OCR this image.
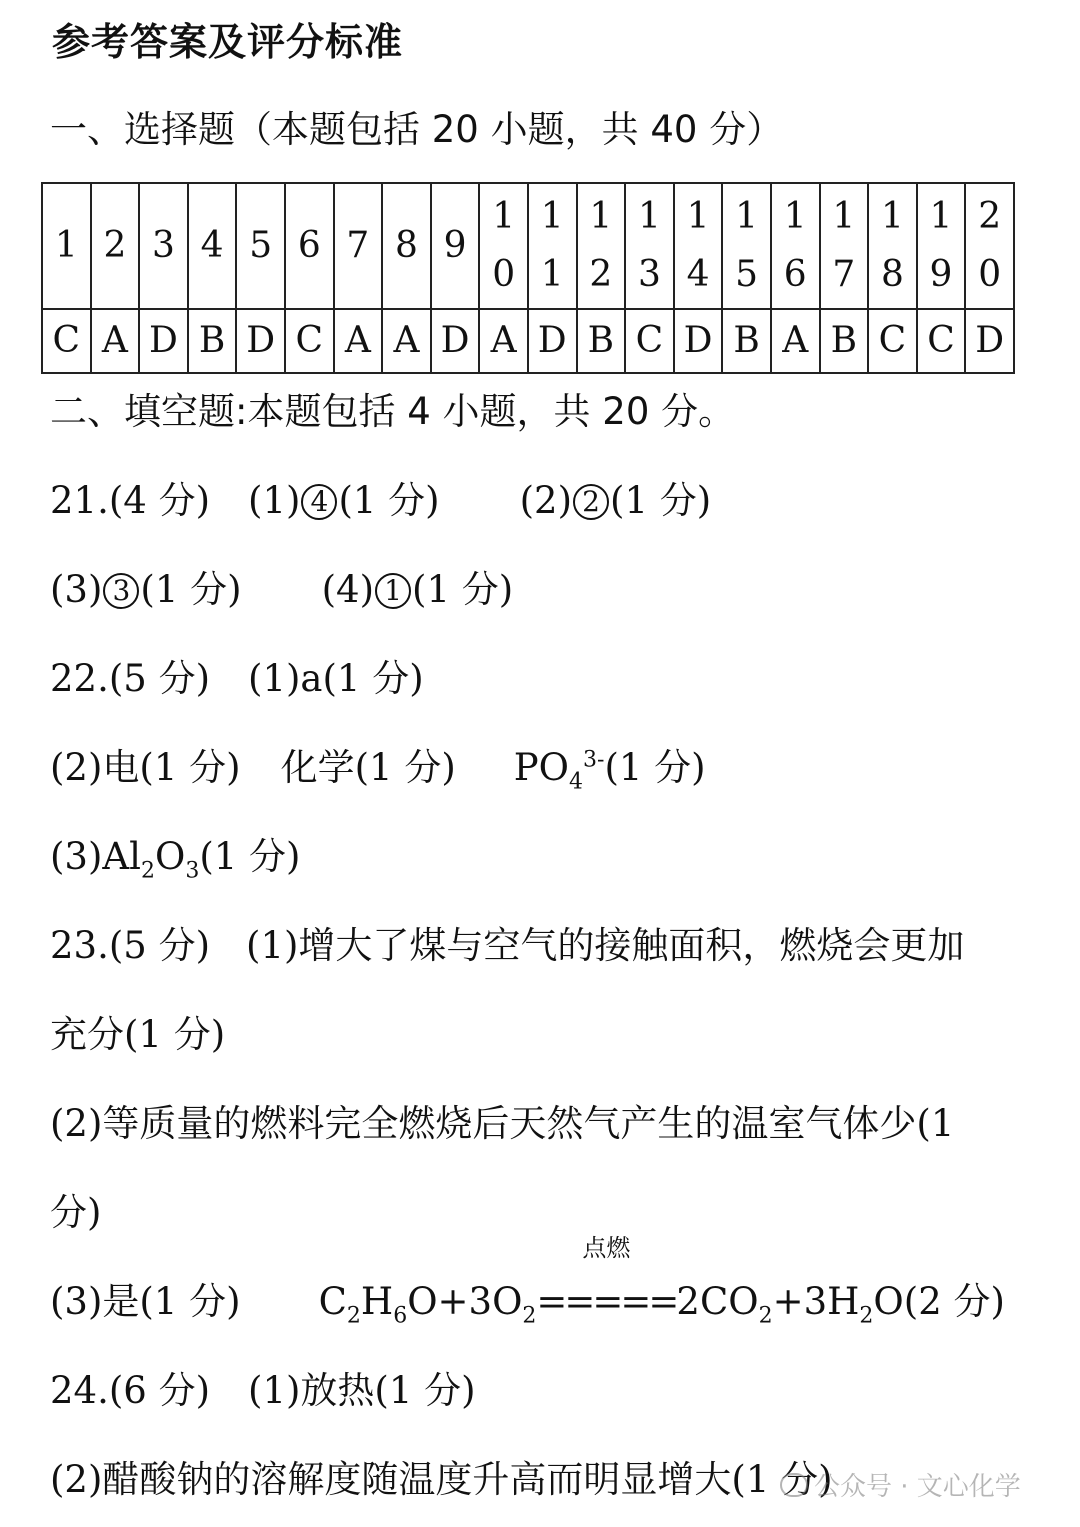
参考答案及评分标准
一、选择题（本题包括 20 小题，共 40 分）
1	2	3	4	5	6	7	8	9	10	11	12	13	14	15	16	17	18	19	20
C	A	D	B	D	C	A	A	D	A	D	B	C	D	B	A	B	C	C	D
二、填空题:本题包括 4 小题，共 20 分。
21.(4 分) (1) 4 (1 分) (2) 2 (1 分)
(3) 3 (1 分) (4) 1 (1 分)
22.(5 分) (1)a(1 分)
(2)电(1 分) 化学(1 分) $PO_4^{3-}(1$ 分)
$(3)Al_2O_3(1$ 分)
23.(5 分) (1)增大了煤与空气的接触面积，燃烧会更加
充分(1 分)
(2)等质量的燃料完全燃烧后天然气产生的温室气体少(1
分)
(3)是(1 分) $C_2H_6O+3O_2$
点燃
$=====2CO_2+3H_2O(2$ 分)
24.(6 分) (1)放热(1 分)
(2)醋酸钠的溶解度随温度升高而明显增大(1 分)
公众号 · 文心化学
